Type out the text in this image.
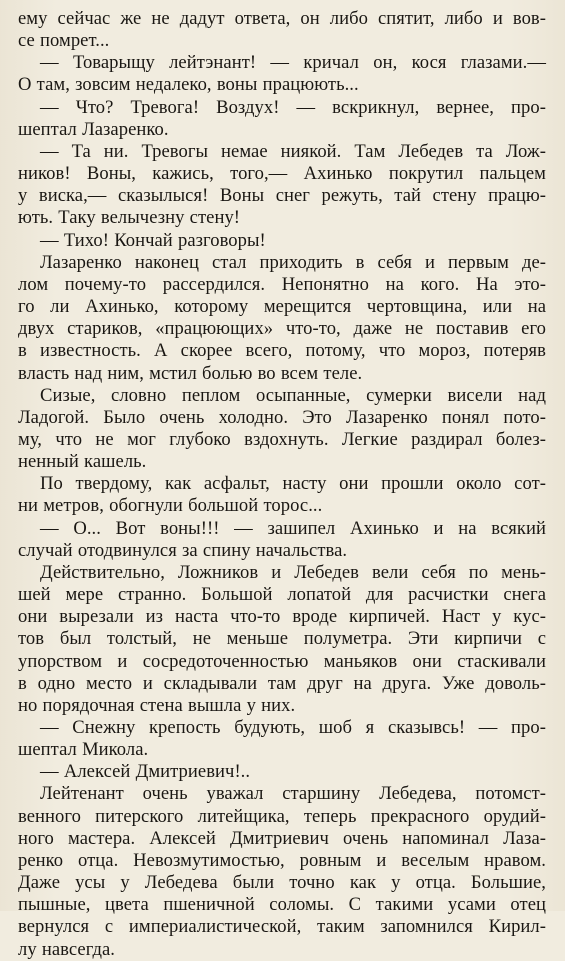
ему сейчас же не дадут ответа, он либо спятит, либо и вов-
се помрет...
— Товарыщу лейтэнант! — кричал он, кося глазами.—
О там, зовсим недалеко, воны працюють...
— Что? Тревога! Воздух! — вскрикнул, вернее, про-
шептал Лазаренко.
— Та ни. Тревогы немае ниякой. Там Лебедев та Лож-
ников! Воны, кажись, того,— Ахинько покрутил пальцем
у виска,— сказылыся! Воны снег режуть, тай стену працю-
ють. Таку велычезну стену!
— Тихо! Кончай разговоры!
Лазаренко наконец стал приходить в себя и первым де-
лом почему-то рассердился. Непонятно на кого. На это-
го ли Ахинько, которому мерещится чертовщина, или на
двух стариков, «працюющих» что-то, даже не поставив его
в известность. А скорее всего, потому, что мороз, потеряв
власть над ним, мстил болью во всем теле.
Сизые, словно пеплом осыпанные, сумерки висели над
Ладогой. Было очень холодно. Это Лазаренко понял пото-
му, что не мог глубоко вздохнуть. Легкие раздирал болез-
ненный кашель.
По твердому, как асфальт, насту они прошли около сот-
ни метров, обогнули большой торос...
— О... Вот воны!!! — зашипел Ахинько и на всякий
случай отодвинулся за спину начальства.
Действительно, Ложников и Лебедев вели себя по мень-
шей мере странно. Большой лопатой для расчистки снега
они вырезали из наста что-то вроде кирпичей. Наст у кус-
тов был толстый, не меньше полуметра. Эти кирпичи с
упорством и сосредоточенностью маньяков они стаскивали
в одно место и складывали там друг на друга. Уже доволь-
но порядочная стена вышла у них.
— Снежну крепость будують, шоб я сказывсь! — про-
шептал Микола.
— Алексей Дмитриевич!..
Лейтенант очень уважал старшину Лебедева, потомст-
венного питерского литейщика, теперь прекрасного орудий-
ного мастера. Алексей Дмитриевич очень напоминал Лаза-
ренко отца. Невозмутимостью, ровным и веселым нравом.
Даже усы у Лебедева были точно как у отца. Большие,
пышные, цвета пшеничной соломы. С такими усами отец
вернулся с империалистической, таким запомнился Кирил-
лу навсегда.
